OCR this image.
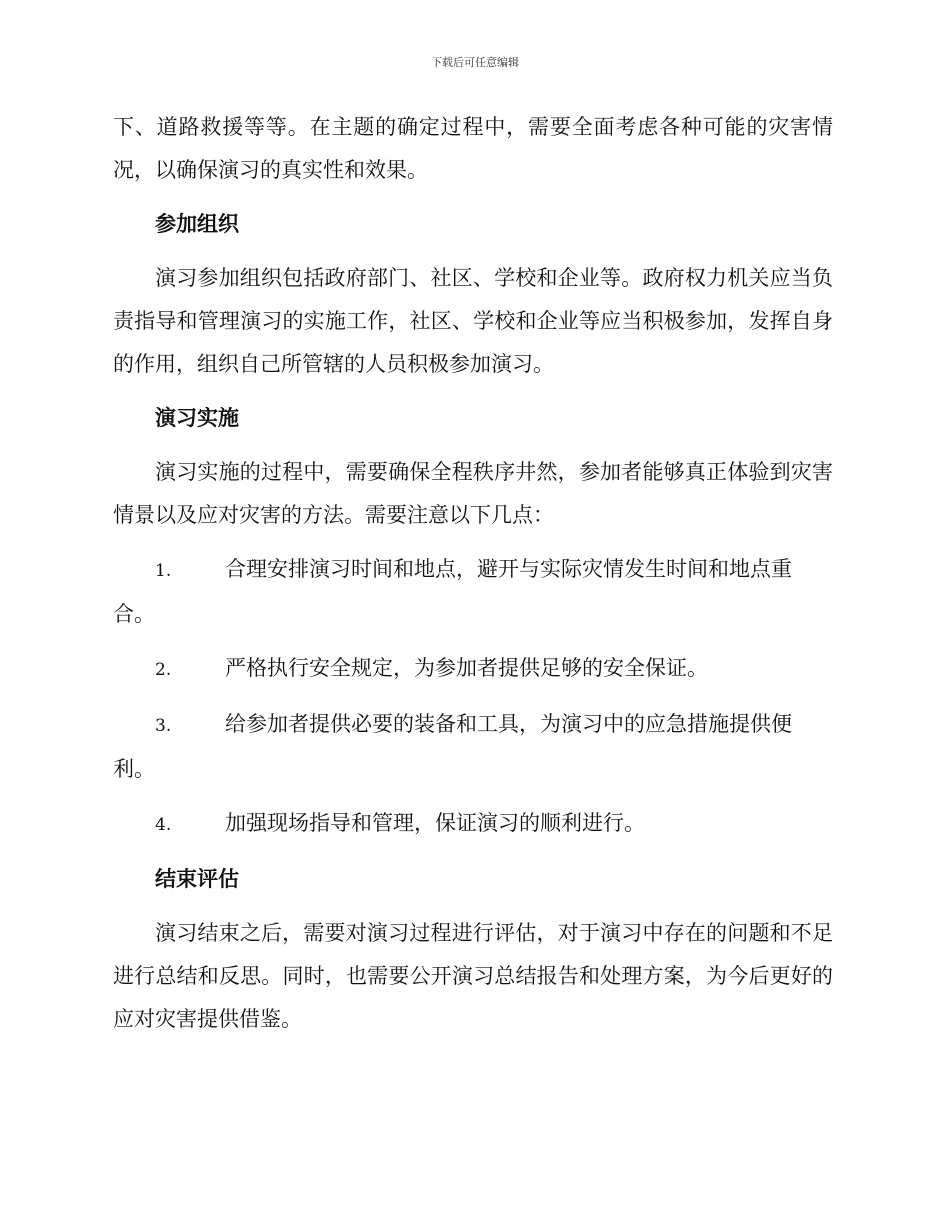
下载后可任意编辑

下、道路救援等等。在主题的确定过程中，需要全面考虑各种可能的灾害情况，以确保演习的真实性和效果。

参加组织

演习参加组织包括政府部门、社区、学校和企业等。政府权力机关应当负责指导和管理演习的实施工作，社区、学校和企业等应当积极参加，发挥自身的作用，组织自己所管辖的人员积极参加演习。

演习实施

演习实施的过程中，需要确保全程秩序井然，参加者能够真正体验到灾害情景以及应对灾害的方法。需要注意以下几点：

1.	合理安排演习时间和地点，避开与实际灾情发生时间和地点重合。

2.	严格执行安全规定，为参加者提供足够的安全保证。

3.	给参加者提供必要的装备和工具，为演习中的应急措施提供便利。

4.	加强现场指导和管理，保证演习的顺利进行。

结束评估

演习结束之后，需要对演习过程进行评估，对于演习中存在的问题和不足进行总结和反思。同时，也需要公开演习总结报告和处理方案，为今后更好的应对灾害提供借鉴。
